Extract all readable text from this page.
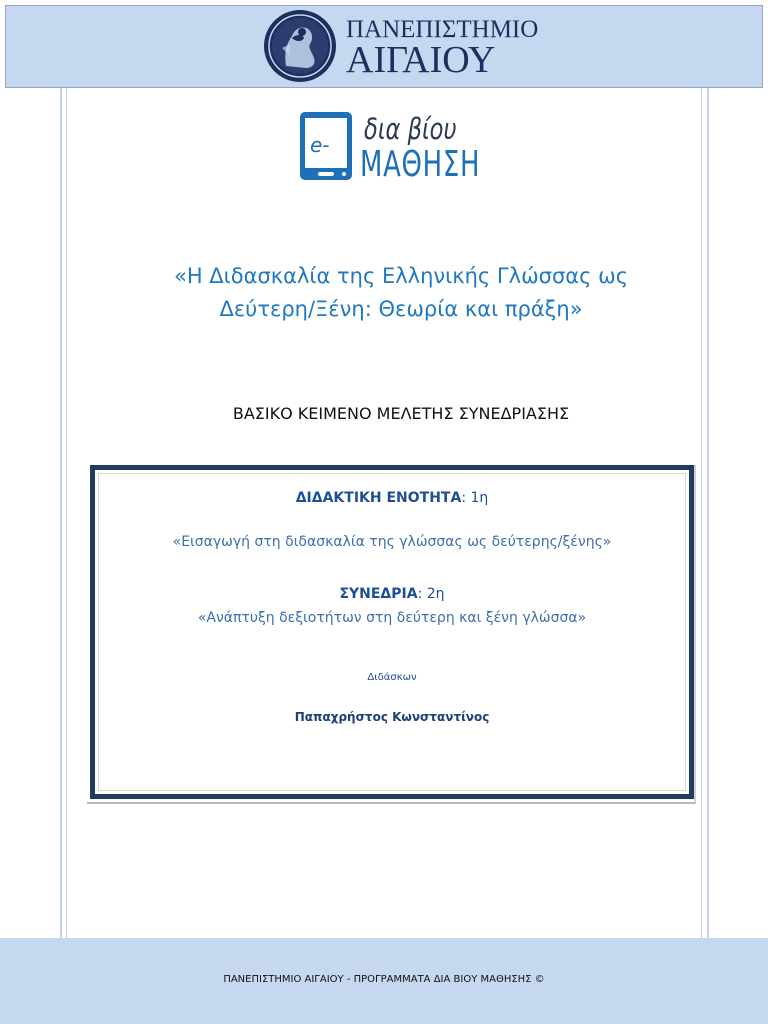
ΠΑΝΕΠΙΣΤΗΜΙΟ
ΑΙΓΑΙΟΥ
e- δια βίου
ΜΑΘΗΣΗ
«Η Διδασκαλία της Ελληνικής Γλώσσας ως
Δεύτερη/Ξένη: Θεωρία και πράξη»
ΒΑΣΙΚΟ ΚΕΙΜΕΝΟ ΜΕΛΕΤΗΣ ΣΥΝΕΔΡΙΑΣΗΣ
ΔΙΔΑΚΤΙΚΗ ΕΝΟΤΗΤΑ: 1η
«Εισαγωγή στη διδασκαλία της γλώσσας ως δεύτερης/ξένης»
ΣΥΝΕΔΡΙΑ: 2η
«Ανάπτυξη δεξιοτήτων στη δεύτερη και ξένη γλώσσα»
Διδάσκων
Παπαχρήστος Κωνσταντίνος
ΠΑΝΕΠΙΣΤΗΜΙΟ ΑΙΓΑΙΟΥ - ΠΡΟΓΡΑΜΜΑΤΑ ΔΙΑ ΒΙΟΥ ΜΑΘΗΣΗΣ ©
